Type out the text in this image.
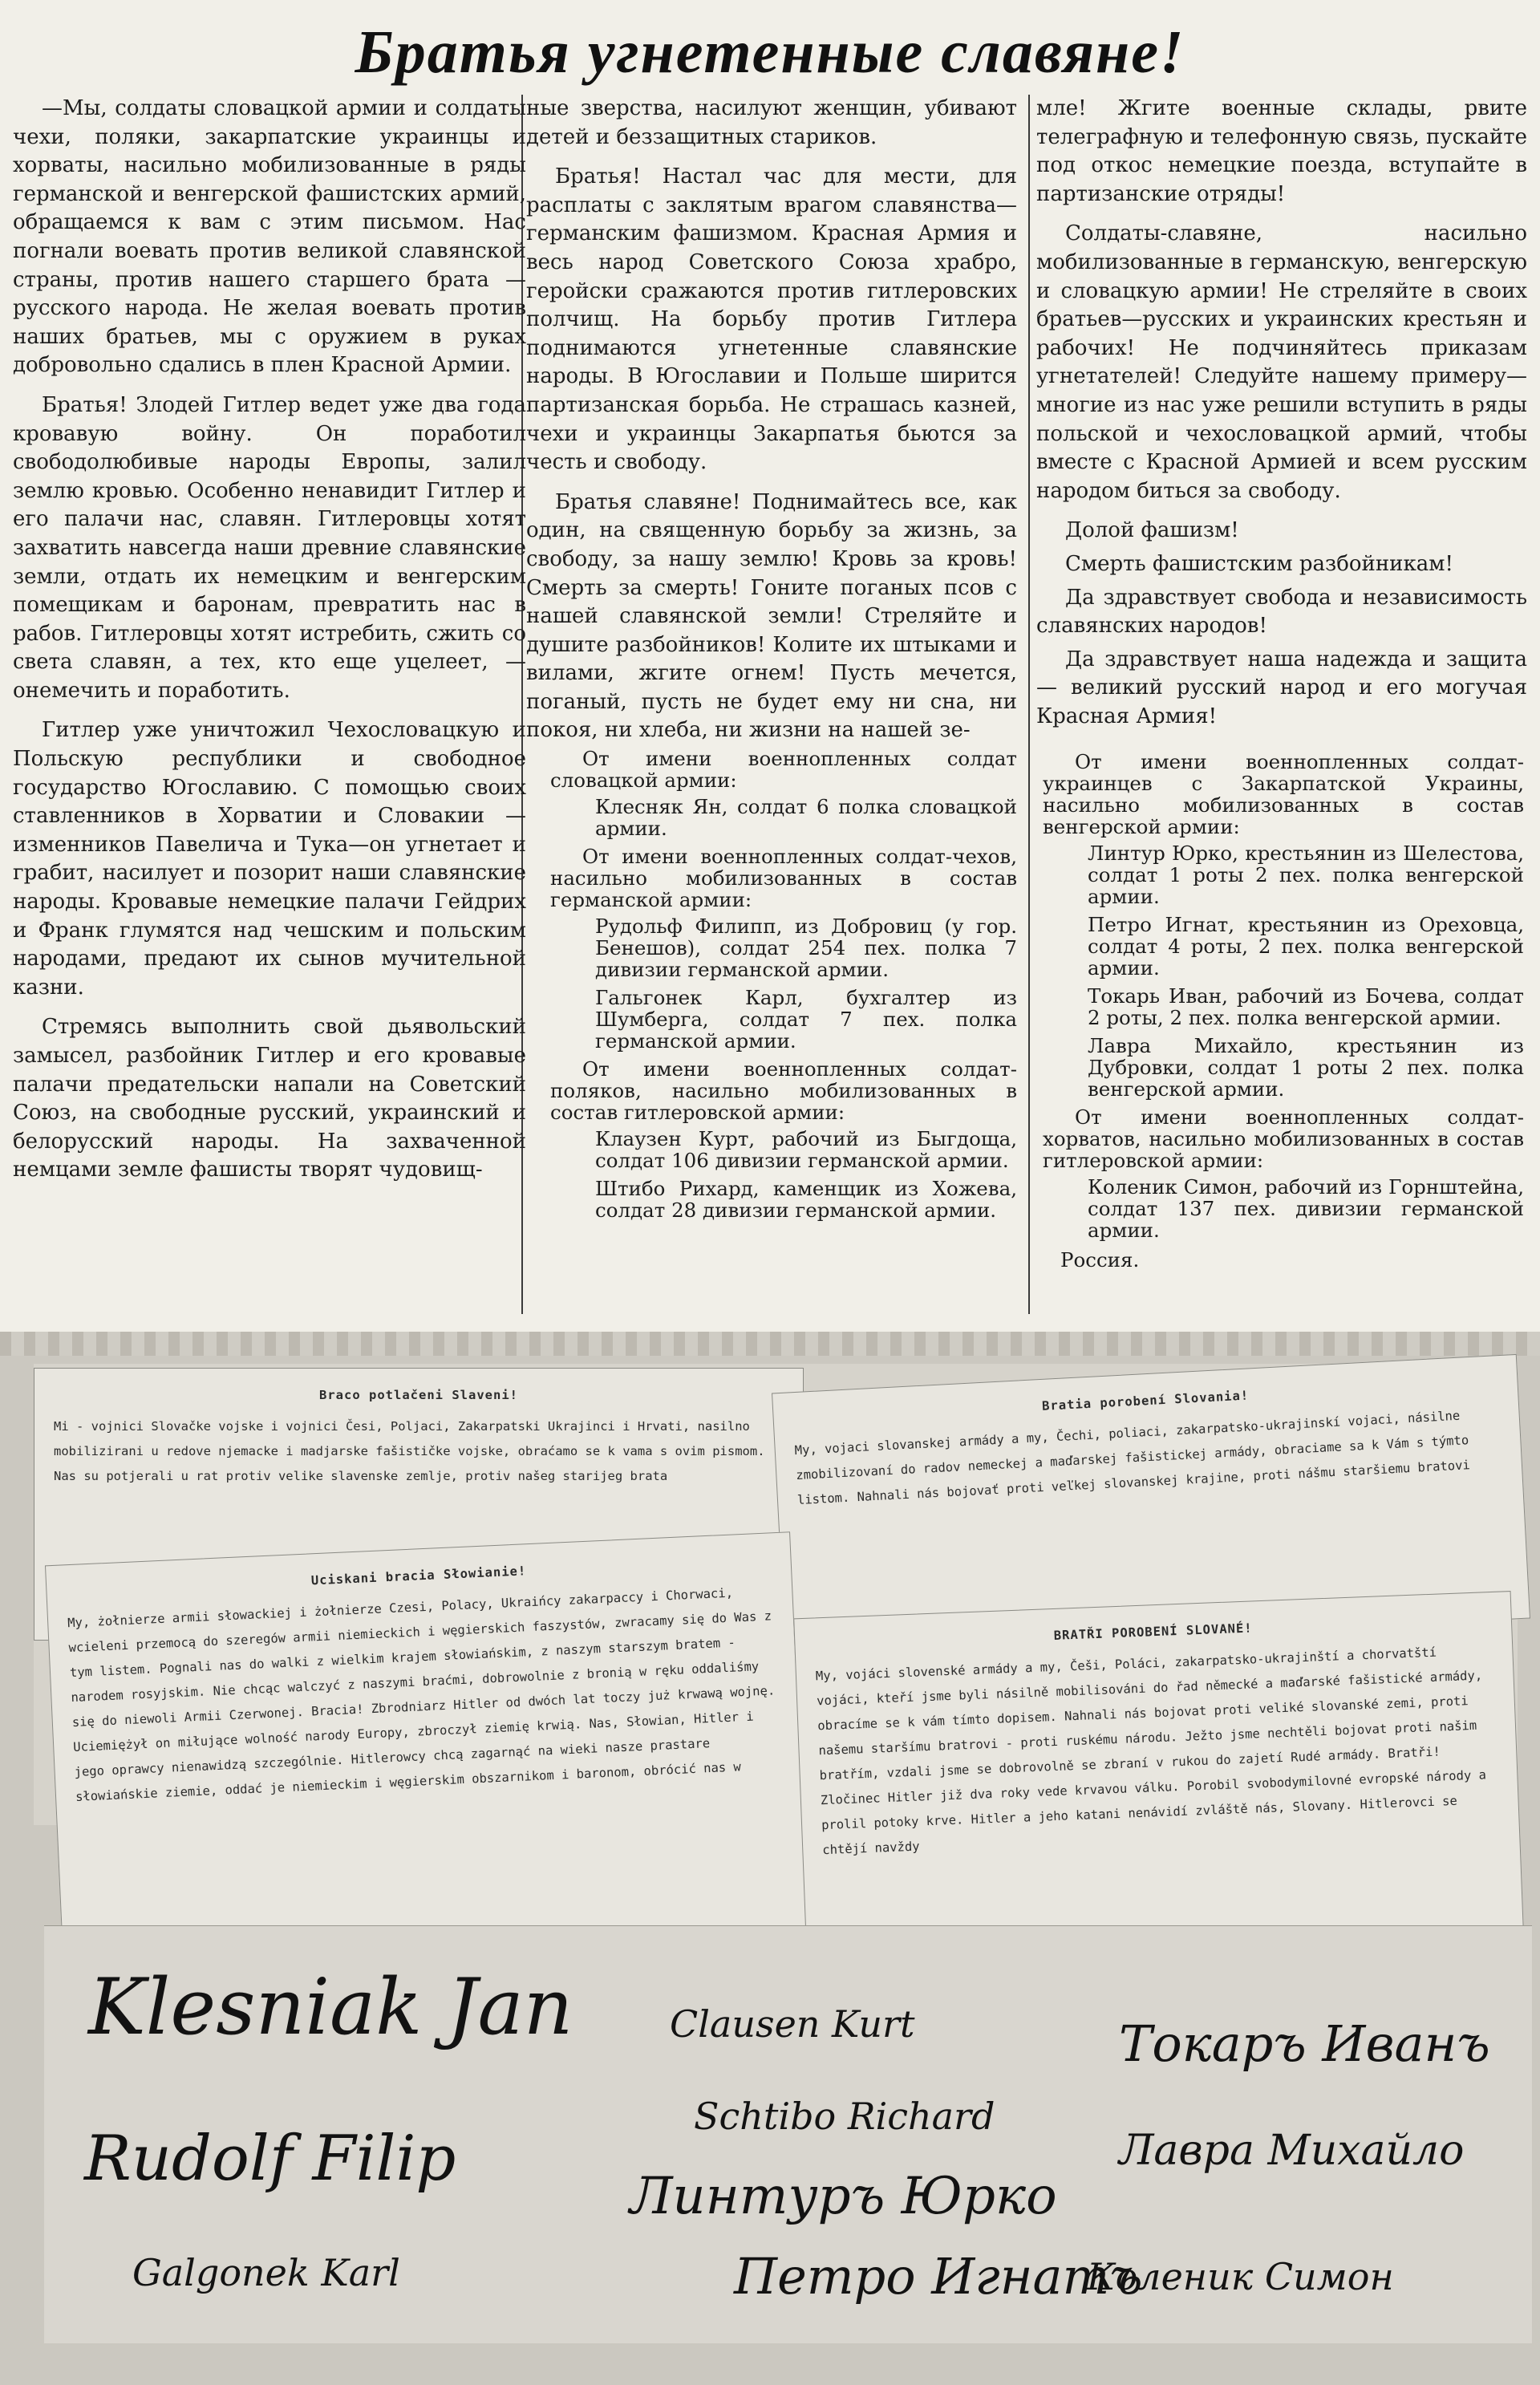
Братья угнетенные славяне!

—Мы, солдаты словацкой армии и солдаты чехи, поляки, закарпатские украинцы и хорваты, насильно мобилизованные в ряды германской и венгерской фашистских армий, обращаемся к вам с этим письмом. Нас погнали воевать против великой славянской страны, против нашего старшего брата — русского народа. Не желая воевать против наших братьев, мы с оружием в руках добровольно сдались в плен Красной Армии.

Братья! Злодей Гитлер ведет уже два года кровавую войну. Он поработил свободолюбивые народы Европы, залил землю кровью. Особенно ненавидит Гитлер и его палачи нас, славян. Гитлеровцы хотят захватить навсегда наши древние славянские земли, отдать их немецким и венгерским помещикам и баронам, превратить нас в рабов. Гитлеровцы хотят истребить, сжить со света славян, а тех, кто еще уцелеет, — онемечить и поработить.

Гитлер уже уничтожил Чехословацкую и Польскую республики и свободное государство Югославию. С помощью своих ставленников в Хорватии и Словакии — изменников Павелича и Тука—он угнетает и грабит, насилует и позорит наши славянские народы. Кровавые немецкие палачи Гейдрих и Франк глумятся над чешским и польским народами, предают их сынов мучительной казни.

Стремясь выполнить свой дьявольский замысел, разбойник Гитлер и его кровавые палачи предательски напали на Советский Союз, на свободные русский, украинский и белорусский народы. На захваченной немцами земле фашисты творят чудовищ-

ные зверства, насилуют женщин, убивают детей и беззащитных стариков.

Братья! Настал час для мести, для расплаты с заклятым врагом славянства—германским фашизмом. Красная Армия и весь народ Советского Союза храбро, геройски сражаются против гитлеровских полчищ. На борьбу против Гитлера поднимаются угнетенные славянские народы. В Югославии и Польше ширится партизанская борьба. Не страшась казней, чехи и украинцы Закарпатья бьются за честь и свободу.

Братья славяне! Поднимайтесь все, как один, на священную борьбу за жизнь, за свободу, за нашу землю! Кровь за кровь! Смерть за смерть! Гоните поганых псов с нашей славянской земли! Стреляйте и душите разбойников! Колите их штыками и вилами, жгите огнем! Пусть мечется, поганый, пусть не будет ему ни сна, ни покоя, ни хлеба, ни жизни на нашей зе-

От имени военнопленных солдат словацкой армии:

Клесняк Ян, солдат 6 полка словацкой армии.

От имени военнопленных солдат-чехов, насильно мобилизованных в состав германской армии:

Рудольф Филипп, из Добровиц (у гор. Бенешов), солдат 254 пех. полка 7 дивизии германской армии.

Гальгонек Карл, бухгалтер из Шумберга, солдат 7 пех. полка германской армии.

От имени военнопленных солдат-поляков, насильно мобилизованных в состав гитлеровской армии:

Клаузен Курт, рабочий из Быгдоща, солдат 106 дивизии германской армии.

Штибо Рихард, каменщик из Хожева, солдат 28 дивизии германской армии.

мле! Жгите военные склады, рвите телеграфную и телефонную связь, пускайте под откос немецкие поезда, вступайте в партизанские отряды!

Солдаты-славяне, насильно мобилизованные в германскую, венгерскую и словацкую армии! Не стреляйте в своих братьев—русских и украинских крестьян и рабочих! Не подчиняйтесь приказам угнетателей! Следуйте нашему примеру—многие из нас уже решили вступить в ряды польской и чехословацкой армий, чтобы вместе с Красной Армией и всем русским народом биться за свободу.

Долой фашизм!

Смерть фашистским разбойникам!

Да здравствует свобода и независимость славянских народов!

Да здравствует наша надежда и защита — великий русский народ и его могучая Красная Армия!

От имени военнопленных солдат-украинцев с Закарпатской Украины, насильно мобилизованных в состав венгерской армии:

Линтур Юрко, крестьянин из Шелестова, солдат 1 роты 2 пех. полка венгерской армии.

Петро Игнат, крестьянин из Ореховца, солдат 4 роты, 2 пех. полка венгерской армии.

Токарь Иван, рабочий из Бочева, солдат 2 роты, 2 пех. полка венгерской армии.

Лавра Михайло, крестьянин из Дубровки, солдат 1 роты 2 пех. полка венгерской армии.

От имени военнопленных солдат-хорватов, насильно мобилизованных в состав гитлеровской армии:

Коленик Симон, рабочий из Горнштейна, солдат 137 пех. дивизии германской армии.

Россия.

Braco potlačeni Slaveni!
Mi - vojnici Slovačke vojske i vojnici Česi, Poljaci, Zakarpatski Ukrajinci i Hrvati, nasilno mobilizirani u redove njemacke i madjarske fašističke vojske, obraćamo se k vama s ovim pismom. Nas su potjerali u rat protiv velike slavenske zemlje, protiv našeg starijeg brata
Bratia porobení Slovania!
My, vojaci slovanskej armády a my, Čechi, poliaci, zakarpatsko-ukrajinskí vojaci, násilne zmobilizovaní do radov nemeckej a maďarskej fašistickej armády, obraciame sa k Vám s týmto listom. Nahnali nás bojovať proti veľkej slovanskej krajine, proti nášmu staršiemu bratovi
Uciskani bracia Słowianie!
My, żołnierze armii słowackiej i żołnierze Czesi, Polacy, Ukraińcy zakarpaccy i Chorwaci, wcieleni przemocą do szeregów armii niemieckich i węgierskich faszystów, zwracamy się do Was z tym listem. Pognali nas do walki z wielkim krajem słowiańskim, z naszym starszym bratem - narodem rosyjskim. Nie chcąc walczyć z naszymi braćmi, dobrowolnie z bronią w ręku oddaliśmy się do niewoli Armii Czerwonej. Bracia! Zbrodniarz Hitler od dwóch lat toczy już krwawą wojnę. Uciemiężył on miłujące wolność narody Europy, zbroczył ziemię krwią. Nas, Słowian, Hitler i jego oprawcy nienawidzą szczególnie. Hitlerowcy chcą zagarnąć na wieki nasze prastare słowiańskie ziemie, oddać je niemieckim i węgierskim obszarnikom i baronom, obrócić nas w
BRATŘI POROBENÍ SLOVANÉ!
My, vojáci slovenské armády a my, Češi, Poláci, zakarpatsko-ukrajinští a chorvatští vojáci, kteří jsme byli násilně mobilisováni do řad německé a maďarské fašistické armády, obracíme se k vám tímto dopisem. Nahnali nás bojovat proti veliké slovanské zemi, proti našemu staršímu bratrovi - proti ruskému národu. Ježto jsme nechtěli bojovat proti našim bratřím, vzdali jsme se dobrovolně se zbraní v rukou do zajetí Rudé armády. Bratři! Zločinec Hitler již dva roky vede krvavou válku. Porobil svobodymilovné evropské národy a prolil potoky krve. Hitler a jeho katani nenávidí zvláště nás, Slovany. Hitlerovci se chtějí navždy
Klesniak Jan
Rudolf Filip
Galgonek Karl
Clausen Kurt
Schtibo Richard
Линтуръ Юрко
Петро Игнатъ
Токаръ Иванъ
Лавра Михайло
Коленик Симон
